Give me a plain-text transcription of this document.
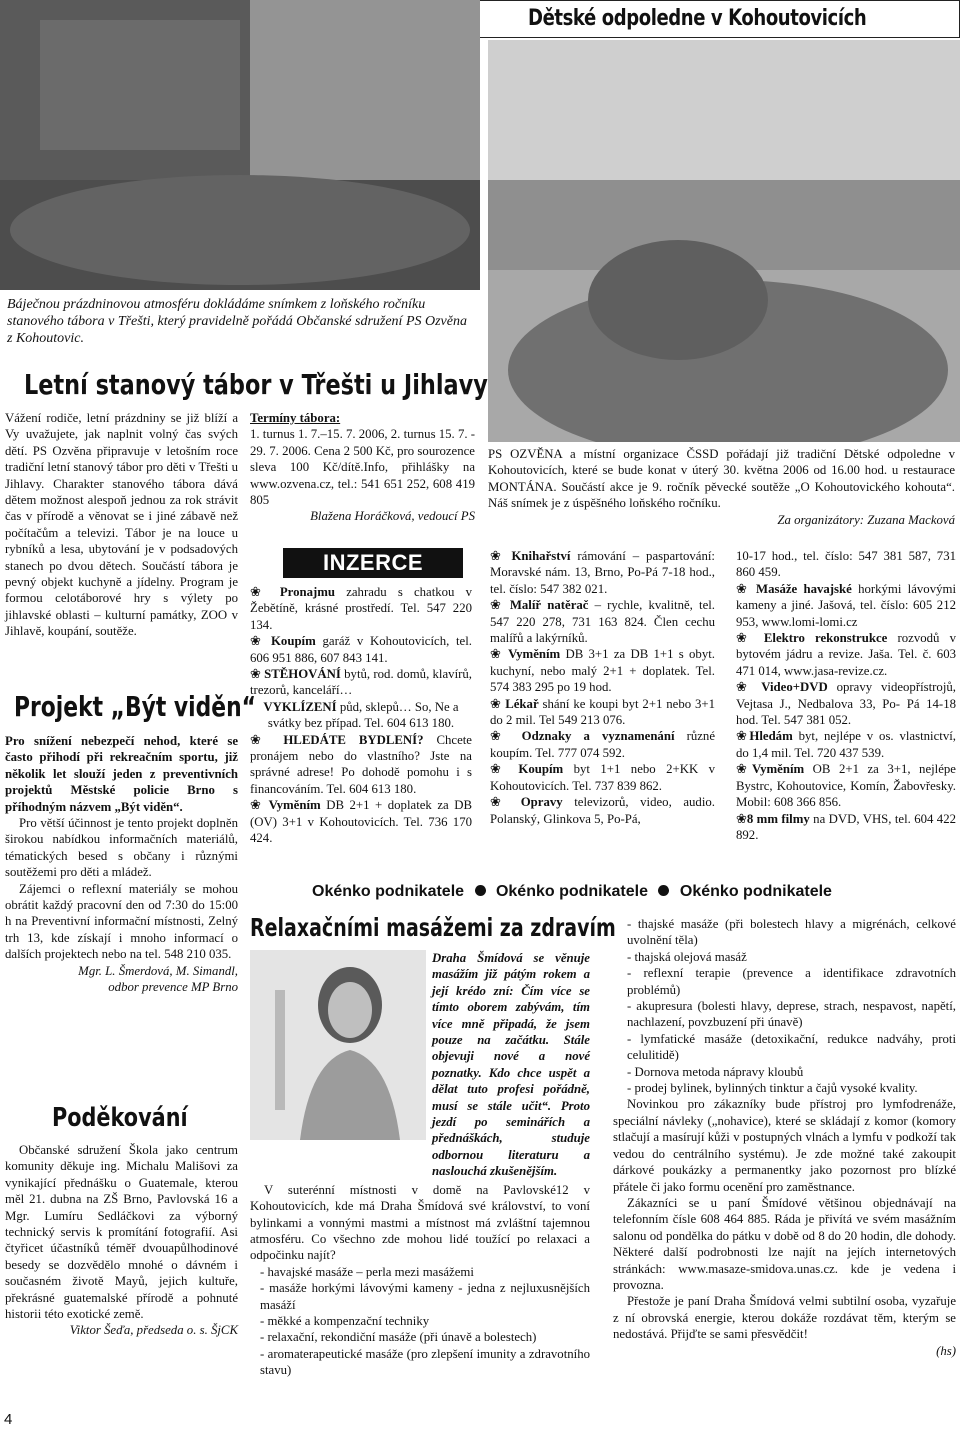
Dětské odpoledne v Kohoutovicích
Báječnou prázdninovou atmosféru dokládáme snímkem z loňského ročníku stanového tábora v Třešti, který pravidelně pořádá Občanské sdružení PS Ozvěna z Kohoutovic.
Letní stanový tábor v Třešti u Jihlavy

Vážení rodiče, letní prázdniny se již blíží a Vy uvažujete, jak naplnit volný čas svých dětí. PS Ozvěna připravuje v letošním roce tradiční letní stanový tábor pro děti v Třešti u Jihlavy. Charakter stanového tábora dává dětem možnost alespoň jednou za rok strávit čas v přírodě a věnovat se i jiné zábavě než počítačům a televizi. Tábor je na louce u rybníků a lesa, ubytování je v podsadových stanech po dvou dětech. Součástí tábora je pevný objekt kuchyně a jídelny. Program je formou celotáborové hry s výlety po jihlavské oblasti – kulturní památky, ZOO v Jihlavě, koupání, soutěže.

Termíny tábora:

1. turnus 1. 7.–15. 7. 2006, 2. turnus 15. 7. - 29. 7. 2006. Cena 2 500 Kč, pro sourozence sleva 100 Kč/dítě.Info, přihlášky na www.ozvena.cz, tel.: 541 651 252, 608 419 805

Blažena Horáčková, vedoucí PS

PS OZVĚNA a místní organizace ČSSD pořádají již tradiční Dětské odpoledne v Kohoutovicích, které se bude konat v úterý 30. května 2006 od 16.00 hod. u restaurace MONTÁNA. Součástí akce je 9. ročník pěvecké soutěže „O Kohoutovického kohouta“. Náš snímek je z úspěšného loňského ročníku.

Za organizátory: Zuzana Macková

INZERCE

❀ Pronajmu zahradu s chatkou v Žebětíně, krásné prostředí. Tel. 547 220 134.

❀ Koupím garáž v Kohoutovicích, tel. 606 951 886, 607 843 141.

❀ STĚHOVÁNÍ bytů, rod. domů, klavírů, trezorů, kanceláří…

VYKLÍZENÍ půd, sklepů… So, Ne a svátky bez případ. Tel. 604 613 180.

❀ HLEDÁTE BYDLENÍ? Chcete pronájem nebo do vlastního? Jste na správné adrese! Po dohodě pomohu i s financováním. Tel. 604 613 180.

❀ Vyměním DB 2+1 + doplatek za DB (OV) 3+1 v Kohoutovicích. Tel. 736 170 424.

❀ Knihařství rámování – paspartování: Moravské nám. 13, Brno, Po-Pá 7-18 hod., tel. číslo: 547 382 021.

❀ Malíř natěrač – rychle, kvalitně, tel. 547 220 278, 731 163 824. Člen cechu malířů a lakýrníků.

❀ Vyměním DB 3+1 za DB 1+1 s obyt. kuchyní, nebo malý 2+1 + doplatek. Tel. 574 383 295 po 19 hod.

❀ Lékař shání ke koupi byt 2+1 nebo 3+1 do 2 mil. Tel 549 213 076.

❀ Odznaky a vyznamenání různé koupím. Tel. 777 074 592.

❀ Koupím byt 1+1 nebo 2+KK v Kohoutovicích. Tel. 737 839 862.

❀ Opravy televizorů, video, audio. Polanský, Glinkova 5, Po-Pá,

10-17 hod., tel. číslo: 547 381 587, 731 860 459.

❀ Masáže havajské horkými lávovými kameny a jiné. Jašová, tel. číslo: 605 212 953, www.lomi-lomi.cz

❀ Elektro rekonstrukce rozvodů v bytovém jádru a revize. Jaša. Tel. č. 603 471 014, www.jasa-revize.cz.

❀ Video+DVD opravy videopřístrojů, Vejtasa J., Nedbalova 33, Po- Pá 14-18 hod. Tel. 547 381 052.

❀Hledám byt, nejlépe v os. vlastnictví, do 1,4 mil. Tel. 720 437 539.

❀Vyměním OB 2+1 za 3+1, nejlépe Bystrc, Kohoutovice, Komín, Žabovřesky. Mobil: 608 366 856.

❀8 mm filmy na DVD, VHS, tel. 604 422 892.

Projekt „Být viděn“

Pro snížení nebezpečí nehod, které se často přihodí při rekreačním sportu, již několik let slouží jeden z preventivních projektů Městské policie Brno s příhodným názvem „Být viděn“.

Pro větší účinnost je tento projekt doplněn širokou nabídkou informačních materiálů, tématických besed s občany i různými soutěžemi pro děti a mládež.

Zájemci o reflexní materiály se mohou obrátit každý pracovní den od 7:30 do 15:00 h na Preventivní informační místnosti, Zelný trh 13, kde získají i mnoho informací o dalších projektech nebo na tel. 548 210 035.

Mgr. L. Šmerdová, M. Simandl,

odbor prevence MP Brno

Poděkování

Občanské sdružení Škola jako centrum komunity děkuje ing. Michalu Mališovi za vynikající přednášku o Guatemale, kterou měl 21. dubna na ZŠ Brno, Pavlovská 16 a Mgr. Lumíru Sedláčkovi za výborný technický servis k promítání fotografií. Asi čtyřicet účastníků téměř dvouapůlhodinové besedy se dozvědělo mnohé o dávném i současném životě Mayů, jejich kultuře, překrásné guatemalské přírodě a pohnuté historii této exotické země.

Viktor Šeďa, předseda o. s. ŠjCK

Okénko podnikatele Okénko podnikatele Okénko podnikatele
Relaxačními masážemi za zdravím

Draha Šmídová se věnuje masážím již pátým rokem a její krédo zní: Čím více se tímto oborem zabývám, tím více mně připadá, že jsem pouze na začátku. Stále objevuji nové a nové poznatky. Kdo chce uspět a dělat tuto profesi pořádně, musí se stále učit“. Proto jezdí po seminářích a přednáškách, studuje odbornou literaturu a naslouchá zkušenějším.

V suterénní místnosti v domě na Pavlovské12 v Kohoutovicích, kde má Draha Šmídová své království, to voní bylinkami a vonnými mastmi a místnost má zvláštní tajemnou atmosféru. Co všechno zde mohou lidé toužící po relaxaci a odpočinku najít?

- havajské masáže – perla mezi masážemi

- masáže horkými lávovými kameny - jedna z nejluxusnějších masáží

- měkké a kompenzační techniky

- relaxační, rekondiční masáže (při únavě a bolestech)

- aromaterapeutické masáže (pro zlepšení imunity a zdravotního stavu)

- thajské masáže (při bolestech hlavy a migrénách, celkové uvolnění těla)

- thajská olejová masáž

- reflexní terapie (prevence a identifikace zdravotních problémů)

- akupresura (bolesti hlavy, deprese, strach, nespavost, napětí, nachlazení, povzbuzení při únavě)

- lymfatické masáže (detoxikační, redukce nadváhy, proti celulitidě)

- Dornova metoda nápravy kloubů

- prodej bylinek, bylinných tinktur a čajů vysoké kvality.

Novinkou pro zákazníky bude přístroj pro lymfodrenáže, speciální návleky („nohavice), které se skládají z komor (komory stlačují a masírují kůži v postupných vlnách a lymfu v podkoží tak vedou do centrálního systému). Je zde možné také zakoupit dárkové poukázky a permanentky jako pozornost pro blízké přátele či jako formu ocenění pro zaměstnance.

Zákazníci se u paní Šmídové většinou objednávají na telefonním čísle 608 464 885. Ráda je přivítá ve svém masážním salonu od pondělka do pátku v době od 8 do 20 hodin, dle dohody. Některé další podrobnosti lze najít na jejích internetových stránkách: www.masaze-smidova.unas.cz. kde je vedena i provozna.

Přestože je paní Draha Šmídová velmi subtilní osoba, vyzařuje z ní obrovská energie, kterou dokáže rozdávat těm, kterým se nedostává. Přijďte se sami přesvědčit!

(hs)

4
